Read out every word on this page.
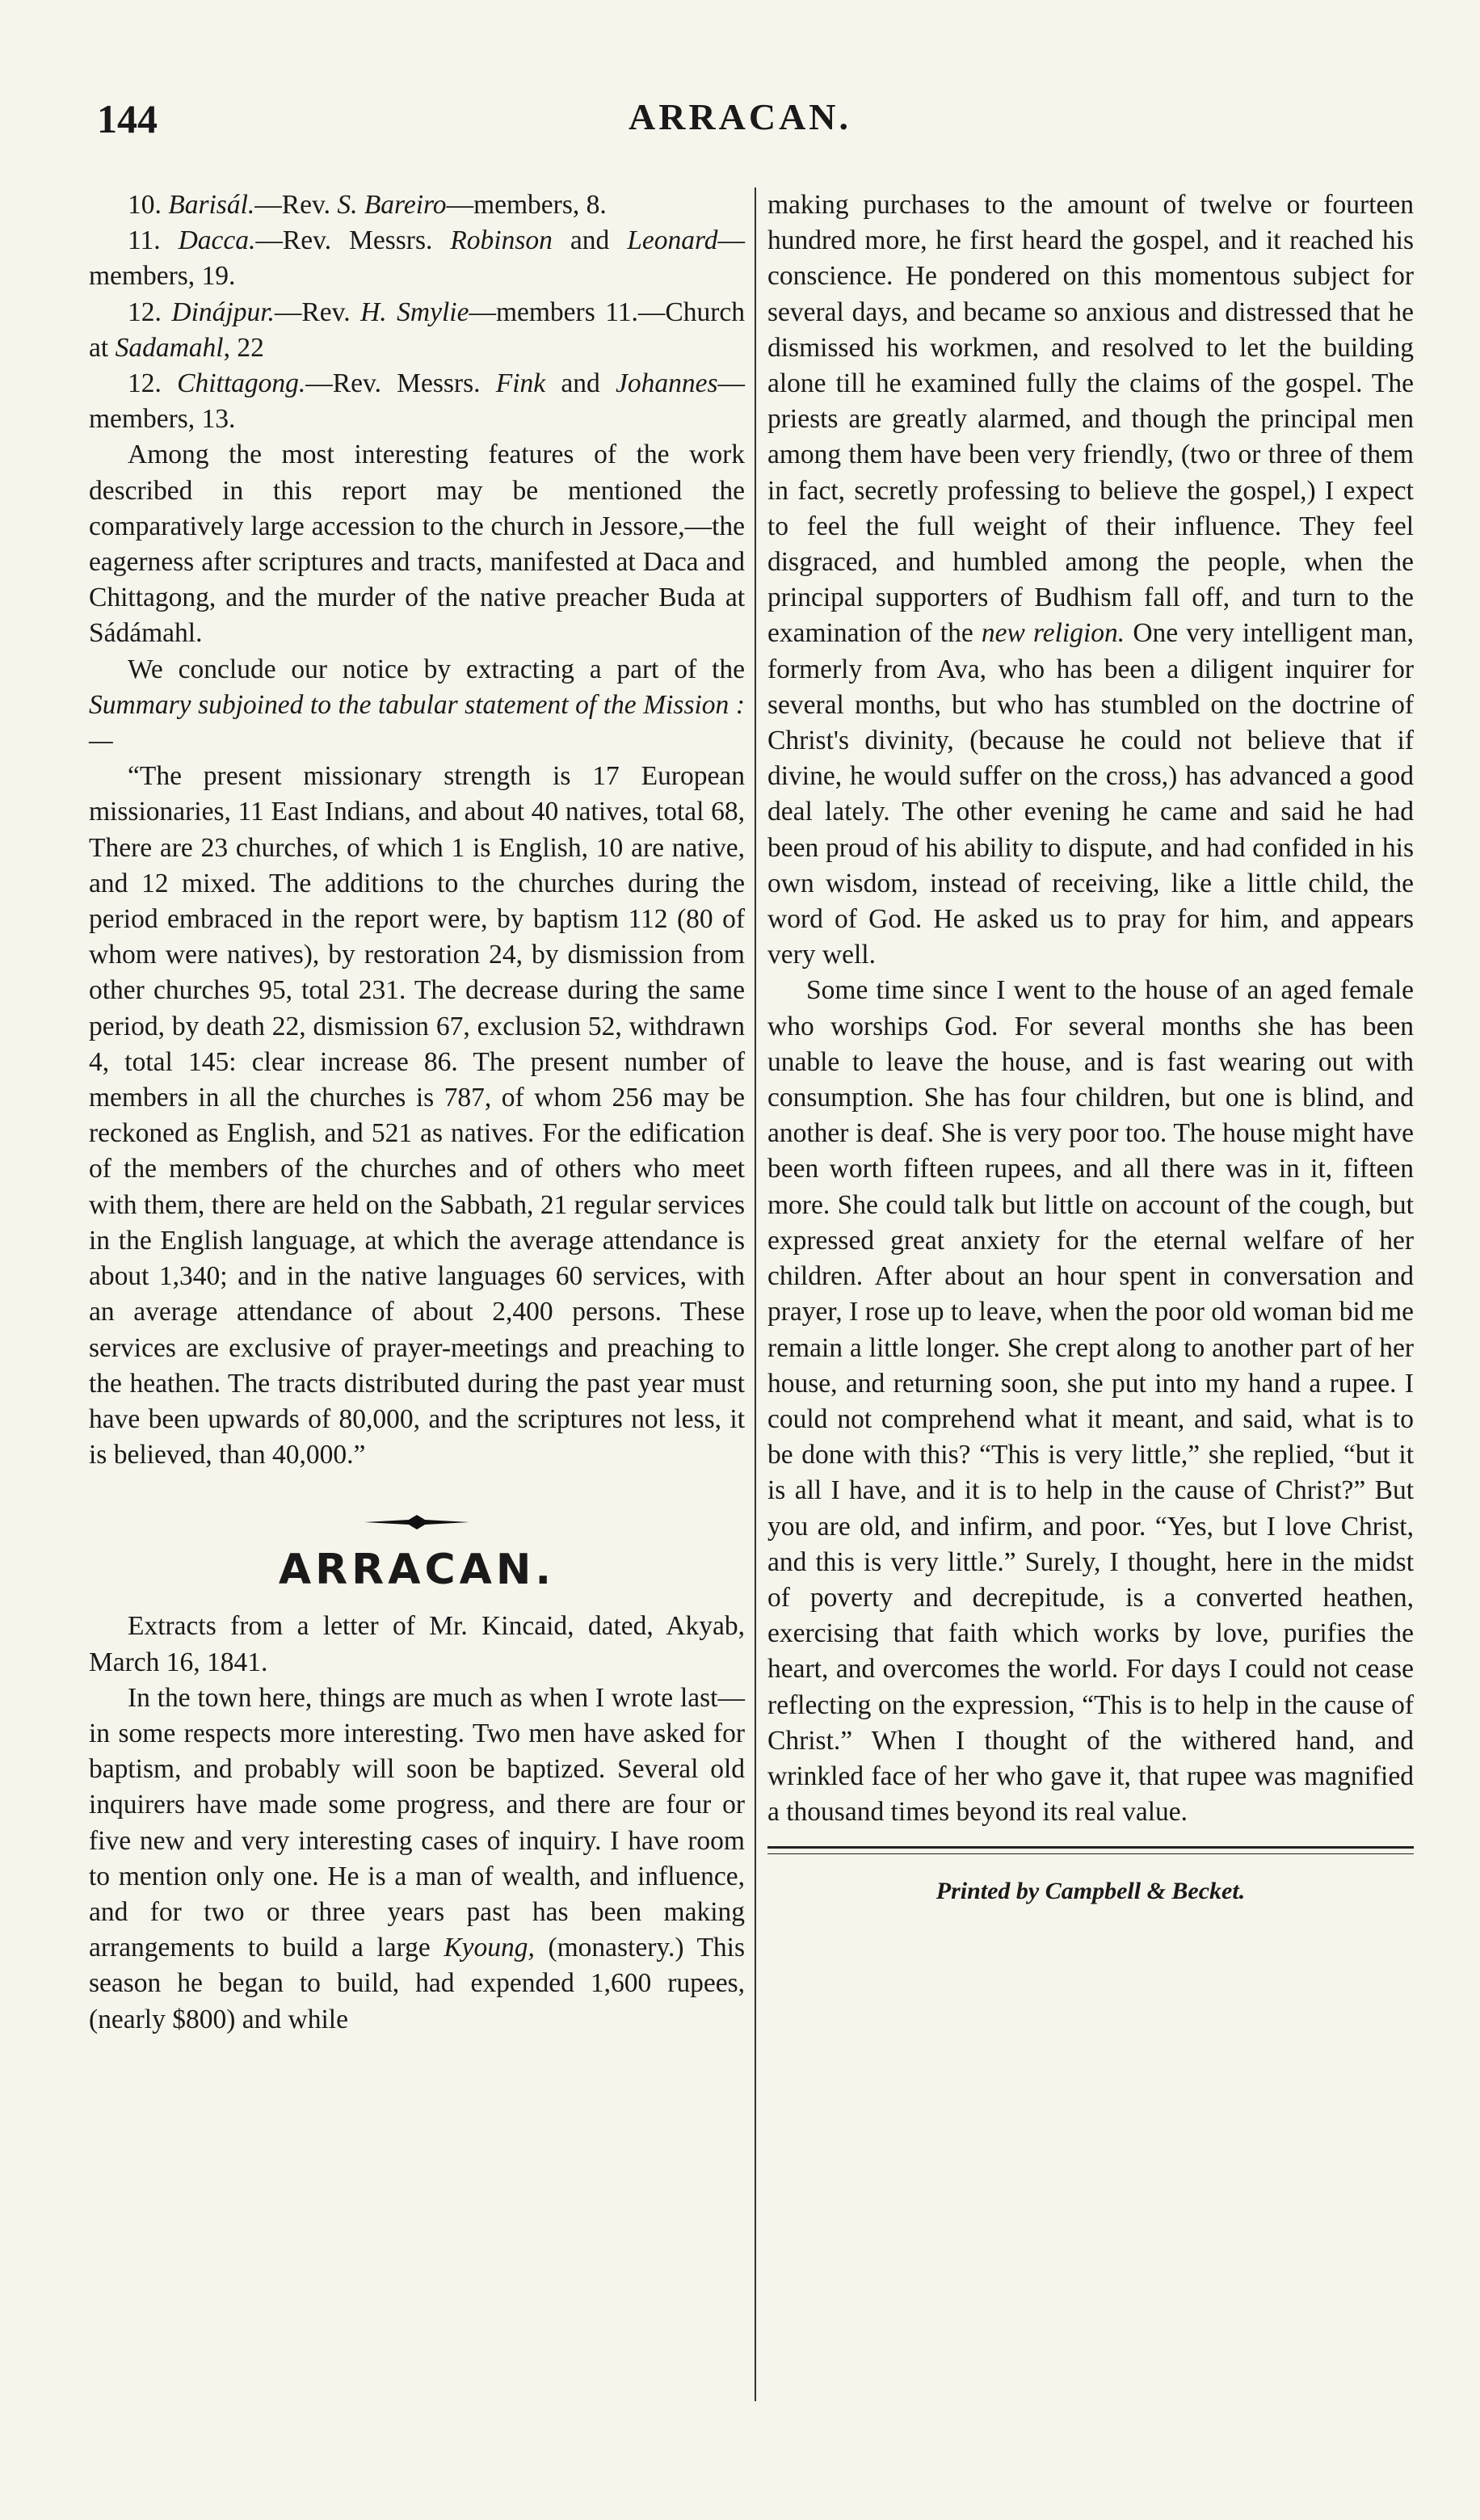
144	ARRACAN.

10. Barisál.—Rev. S. Bareiro—members, 8.

11. Dacca.—Rev. Messrs. Robinson and Leonard—members, 19.

12. Dinájpur.—Rev. H. Smylie—members 11.—Church at Sadamahl, 22

12. Chittagong.—Rev. Messrs. Fink and Johannes—members, 13.

Among the most interesting features of the work described in this report may be mentioned the comparatively large accession to the church in Jessore,—the eagerness after scriptures and tracts, manifested at Daca and Chittagong, and the murder of the native preacher Buda at Sádámahl.

We conclude our notice by extracting a part of the Summary subjoined to the tabular statement of the Mission :—

“The present missionary strength is 17 European missionaries, 11 East Indians, and about 40 natives, total 68, There are 23 churches, of which 1 is English, 10 are native, and 12 mixed. The additions to the churches during the period embraced in the report were, by baptism 112 (80 of whom were natives), by restoration 24, by dismission from other churches 95, total 231. The decrease during the same period, by death 22, dismission 67, exclusion 52, withdrawn 4, total 145: clear increase 86. The present number of members in all the churches is 787, of whom 256 may be reckoned as English, and 521 as natives. For the edification of the members of the churches and of others who meet with them, there are held on the Sabbath, 21 regular services in the English language, at which the average attendance is about 1,340; and in the native languages 60 services, with an average attendance of about 2,400 persons. These services are exclusive of prayer-meetings and preaching to the heathen. The tracts distributed during the past year must have been upwards of 80,000, and the scriptures not less, it is believed, than 40,000.”

ARRACAN.

Extracts from a letter of Mr. Kincaid, dated, Akyab, March 16, 1841.

In the town here, things are much as when I wrote last—in some respects more interesting. Two men have asked for baptism, and probably will soon be baptized. Several old inquirers have made some progress, and there are four or five new and very interesting cases of inquiry. I have room to mention only one. He is a man of wealth, and influence, and for two or three years past has been making arrangements to build a large Kyoung, (monastery.) This season he began to build, had expended 1,600 rupees, (nearly $800) and while

making purchases to the amount of twelve or fourteen hundred more, he first heard the gospel, and it reached his conscience. He pondered on this momentous subject for several days, and became so anxious and distressed that he dismissed his workmen, and resolved to let the building alone till he examined fully the claims of the gospel. The priests are greatly alarmed, and though the principal men among them have been very friendly, (two or three of them in fact, secretly professing to believe the gospel,) I expect to feel the full weight of their influence. They feel disgraced, and humbled among the people, when the principal supporters of Budhism fall off, and turn to the examination of the new religion. One very intelligent man, formerly from Ava, who has been a diligent inquirer for several months, but who has stumbled on the doctrine of Christ's divinity, (because he could not believe that if divine, he would suffer on the cross,) has advanced a good deal lately. The other evening he came and said he had been proud of his ability to dispute, and had confided in his own wisdom, instead of receiving, like a little child, the word of God. He asked us to pray for him, and appears very well.

Some time since I went to the house of an aged female who worships God. For several months she has been unable to leave the house, and is fast wearing out with consumption. She has four children, but one is blind, and another is deaf. She is very poor too. The house might have been worth fifteen rupees, and all there was in it, fifteen more. She could talk but little on account of the cough, but expressed great anxiety for the eternal welfare of her children. After about an hour spent in conversation and prayer, I rose up to leave, when the poor old woman bid me remain a little longer. She crept along to another part of her house, and returning soon, she put into my hand a rupee. I could not comprehend what it meant, and said, what is to be done with this? “This is very little,” she replied, “but it is all I have, and it is to help in the cause of Christ?” But you are old, and infirm, and poor. “Yes, but I love Christ, and this is very little.” Surely, I thought, here in the midst of poverty and decrepitude, is a converted heathen, exercising that faith which works by love, purifies the heart, and overcomes the world. For days I could not cease reflecting on the expression, “This is to help in the cause of Christ.” When I thought of the withered hand, and wrinkled face of her who gave it, that rupee was magnified a thousand times beyond its real value.

Printed by Campbell & Becket.
